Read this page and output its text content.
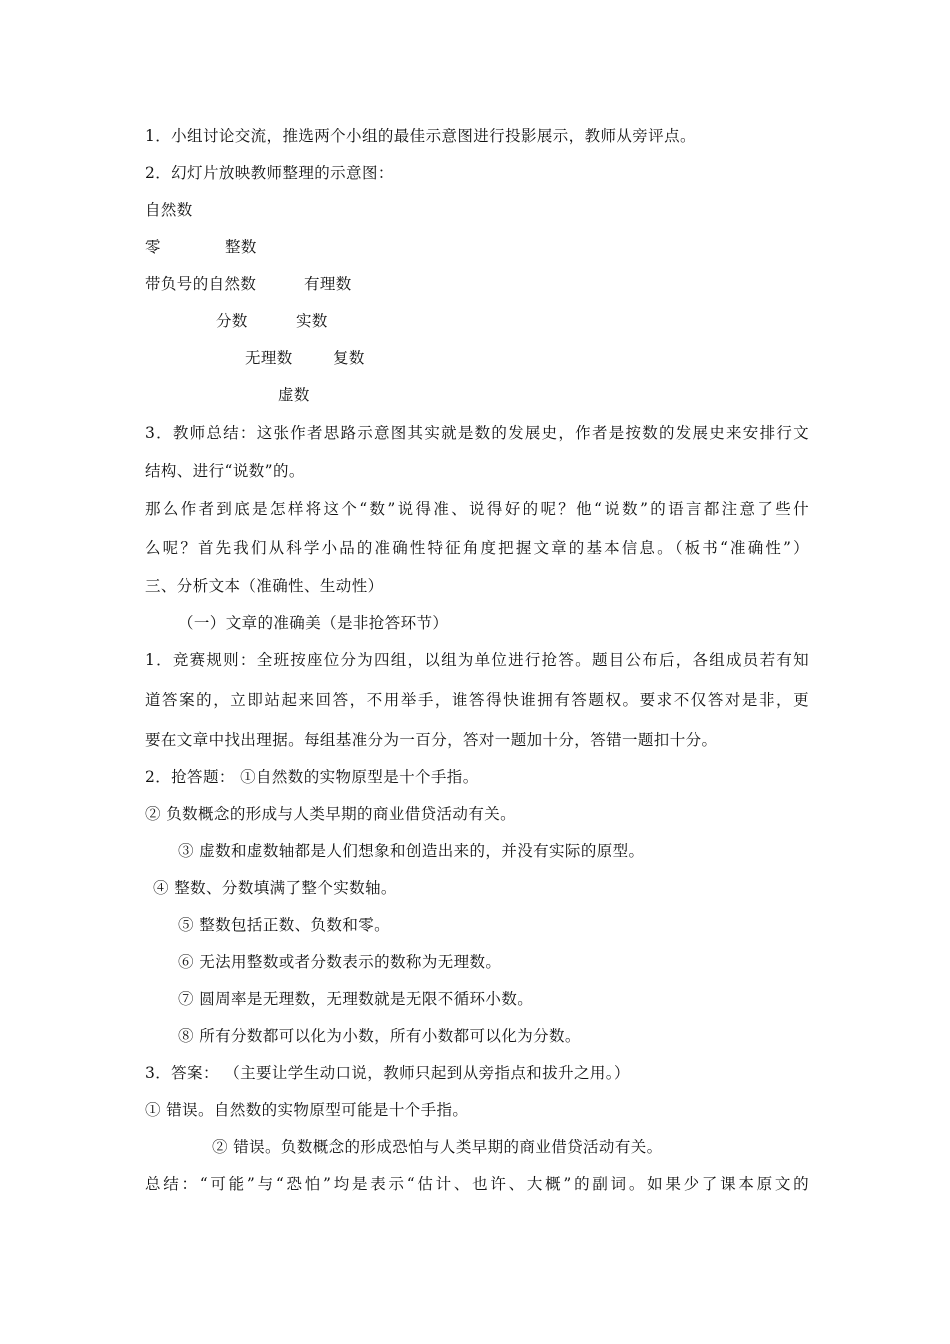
1．小组讨论交流，推选两个小组的最佳示意图进行投影展示，教师从旁评点。
2．幻灯片放映教师整理的示意图：
自然数
零	整数
带负号的自然数	有理数
分数	实数
无理数	复数
虚数
3．教师总结：这张作者思路示意图其实就是数的发展史，作者是按数的发展史来安排行文
结构、进行“说数”的。
那么作者到底是怎样将这个“数”说得准、说得好的呢？他“说数”的语言都注意了些什
么呢？首先我们从科学小品的准确性特征角度把握文章的基本信息。（板书“准确性”）
三、分析文本（准确性、生动性）
（一）文章的准确美（是非抢答环节）
1．竞赛规则：全班按座位分为四组，以组为单位进行抢答。题目公布后，各组成员若有知
道答案的，立即站起来回答，不用举手，谁答得快谁拥有答题权。要求不仅答对是非，更
要在文章中找出理据。每组基准分为一百分，答对一题加十分，答错一题扣十分。
2．抢答题： ①自然数的实物原型是十个手指。
② 负数概念的形成与人类早期的商业借贷活动有关。
③ 虚数和虚数轴都是人们想象和创造出来的，并没有实际的原型。
④ 整数、分数填满了整个实数轴。
⑤ 整数包括正数、负数和零。
⑥ 无法用整数或者分数表示的数称为无理数。
⑦ 圆周率是无理数，无理数就是无限不循环小数。
⑧ 所有分数都可以化为小数，所有小数都可以化为分数。
3．答案： （主要让学生动口说，教师只起到从旁指点和拔升之用。）
① 错误。自然数的实物原型可能是十个手指。
② 错误。负数概念的形成恐怕与人类早期的商业借贷活动有关。
总结：“可能”与“恐怕”均是表示“估计、也许、大概”的副词。如果少了课本原文的
